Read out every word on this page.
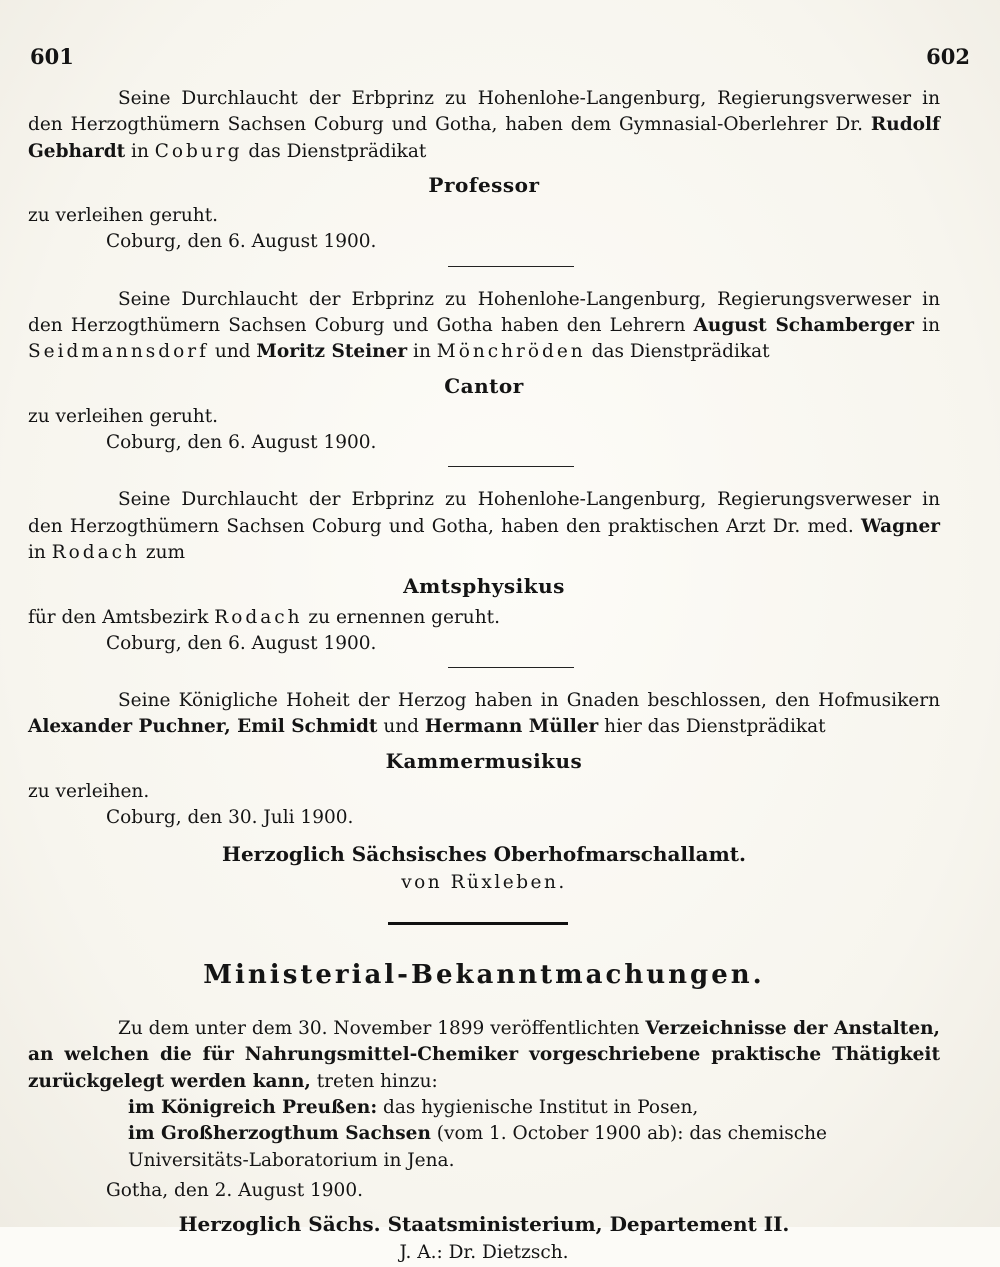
601	602

Seine Durchlaucht der Erbprinz zu Hohenlohe-Langenburg, Regierungsverweser in den Herzogthümern Sachsen Coburg und Gotha, haben dem Gymnasial-Oberlehrer Dr. Rudolf Gebhardt in Coburg das Dienstprädikat

Professor

zu verleihen geruht.

Coburg, den 6. August 1900.

Seine Durchlaucht der Erbprinz zu Hohenlohe-Langenburg, Regierungsverweser in den Herzogthümern Sachsen Coburg und Gotha haben den Lehrern August Schamberger in Seidmannsdorf und Moritz Steiner in Mönchröden das Dienstprädikat

Cantor

zu verleihen geruht.

Coburg, den 6. August 1900.

Seine Durchlaucht der Erbprinz zu Hohenlohe-Langenburg, Regierungsverweser in den Herzogthümern Sachsen Coburg und Gotha, haben den praktischen Arzt Dr. med. Wagner in Rodach zum

Amtsphysikus

für den Amtsbezirk Rodach zu ernennen geruht.

Coburg, den 6. August 1900.

Seine Königliche Hoheit der Herzog haben in Gnaden beschlossen, den Hofmusikern Alexander Puchner, Emil Schmidt und Hermann Müller hier das Dienstprädikat

Kammermusikus

zu verleihen.

Coburg, den 30. Juli 1900.

Herzoglich Sächsisches Oberhofmarschallamt.
von Rüxleben.
Ministerial-Bekanntmachungen.

Zu dem unter dem 30. November 1899 veröffentlichten Verzeichnisse der Anstalten, an welchen die für Nahrungsmittel-Chemiker vorgeschriebene praktische Thätigkeit zurückgelegt werden kann, treten hinzu:

im Königreich Preußen: das hygienische Institut in Posen,

im Großherzogthum Sachsen (vom 1. October 1900 ab): das chemische Universitäts-Laboratorium in Jena.

Gotha, den 2. August 1900.

Herzoglich Sächs. Staatsministerium, Departement II.
J. A.: Dr. Dietzsch.
